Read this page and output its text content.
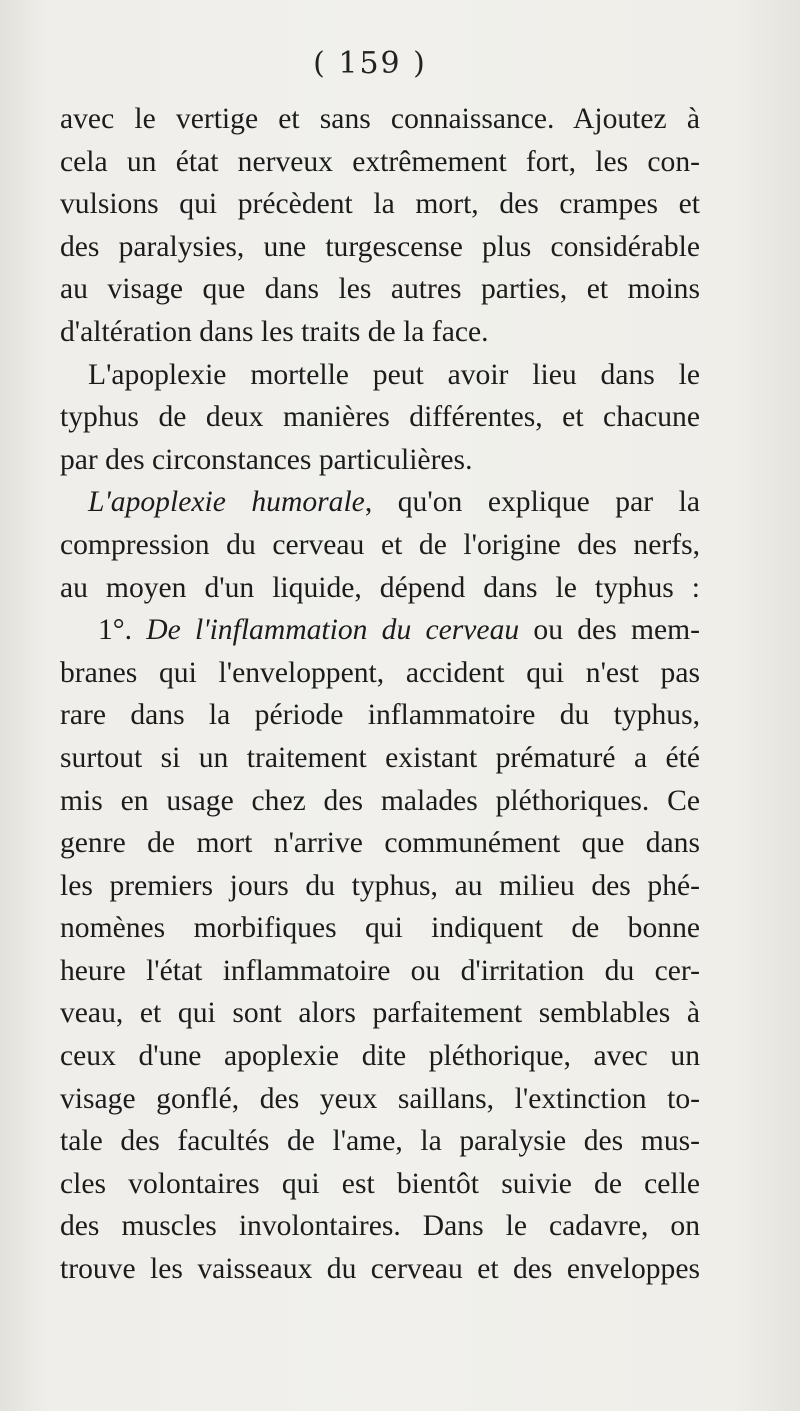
( 159 )
avec le vertige et sans connaissance. Ajoutez à
cela un état nerveux extrêmement fort, les con-
vulsions qui précèdent la mort, des crampes et
des paralysies, une turgescense plus considérable
au visage que dans les autres parties, et moins
d'altération dans les traits de la face.
L'apoplexie mortelle peut avoir lieu dans le
typhus de deux manières différentes, et chacune
par des circonstances particulières.
L'apoplexie humorale, qu'on explique par la
compression du cerveau et de l'origine des nerfs,
au moyen d'un liquide, dépend dans le typhus :
1°. De l'inflammation du cerveau ou des mem-
branes qui l'enveloppent, accident qui n'est pas
rare dans la période inflammatoire du typhus,
surtout si un traitement existant prématuré a été
mis en usage chez des malades pléthoriques. Ce
genre de mort n'arrive communément que dans
les premiers jours du typhus, au milieu des phé-
nomènes morbifiques qui indiquent de bonne
heure l'état inflammatoire ou d'irritation du cer-
veau, et qui sont alors parfaitement semblables à
ceux d'une apoplexie dite pléthorique, avec un
visage gonflé, des yeux saillans, l'extinction to-
tale des facultés de l'ame, la paralysie des mus-
cles volontaires qui est bientôt suivie de celle
des muscles involontaires. Dans le cadavre, on
trouve les vaisseaux du cerveau et des enveloppes
